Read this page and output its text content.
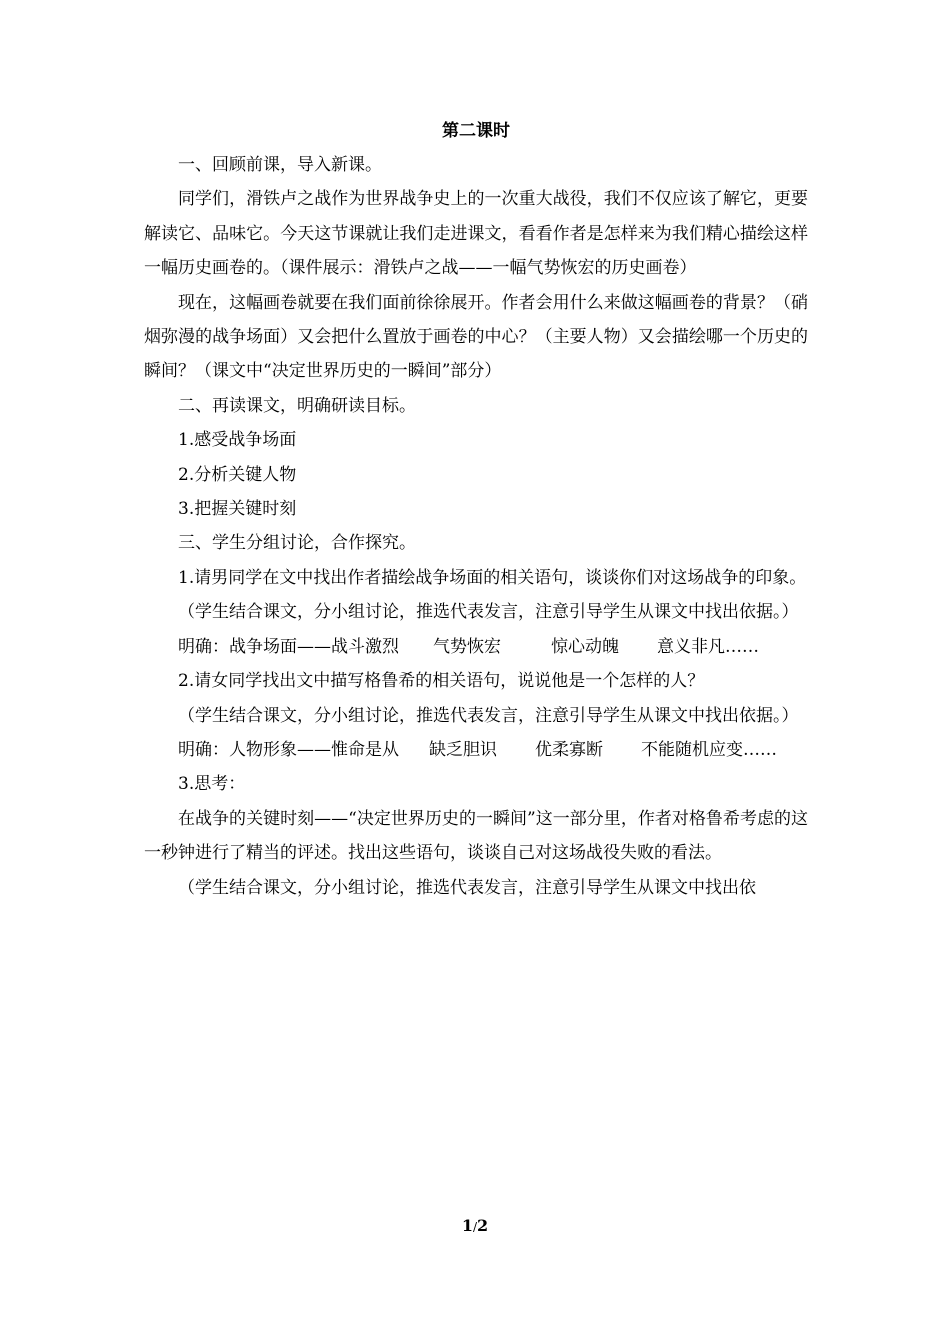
第二课时

一、回顾前课，导入新课。

同学们，滑铁卢之战作为世界战争史上的一次重大战役，我们不仅应该了解它，更要解读它、品味它。今天这节课就让我们走进课文，看看作者是怎样来为我们精心描绘这样一幅历史画卷的。（课件展示：滑铁卢之战——一幅气势恢宏的历史画卷）

现在，这幅画卷就要在我们面前徐徐展开。作者会用什么来做这幅画卷的背景？（硝烟弥漫的战争场面）又会把什么置放于画卷的中心？（主要人物）又会描绘哪一个历史的瞬间？（课文中“决定世界历史的一瞬间”部分）

二、再读课文，明确研读目标。

1.感受战争场面

2.分析关键人物

3.把握关键时刻

三、学生分组讨论，合作探究。

1.请男同学在文中找出作者描绘战争场面的相关语句，谈谈你们对这场战争的印象。

（学生结合课文，分小组讨论，推选代表发言，注意引导学生从课文中找出依据。）

明确：战争场面——战斗激烈 气势恢宏	惊心动魄 意义非凡……

2.请女同学找出文中描写格鲁希的相关语句，说说他是一个怎样的人？

（学生结合课文，分小组讨论，推选代表发言，注意引导学生从课文中找出依据。）

明确：人物形象——惟命是从 缺乏胆识 优柔寡断 不能随机应变……

3.思考：

在战争的关键时刻——“决定世界历史的一瞬间”这一部分里，作者对格鲁希考虑的这一秒钟进行了精当的评述。找出这些语句，谈谈自己对这场战役失败的看法。

（学生结合课文，分小组讨论，推选代表发言，注意引导学生从课文中找出依

1/2
